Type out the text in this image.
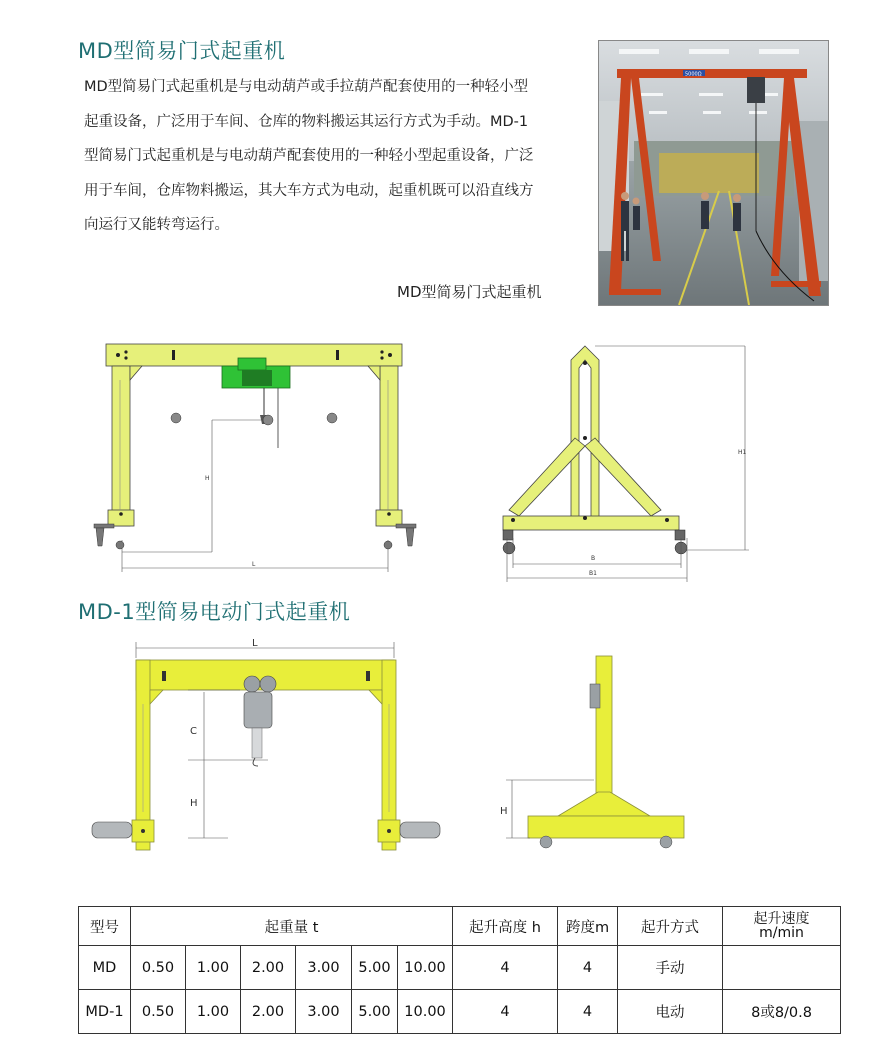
MD型简易门式起重机

MD型简易门式起重机是与电动葫芦或手拉葫芦配套使用的一种轻小型

起重设备，广泛用于车间、仓库的物料搬运其运行方式为手动。MD-1

型简易门式起重机是与电动葫芦配套使用的一种轻小型起重设备，广泛

用于车间，仓库物料搬运，其大车方式为电动，起重机既可以沿直线方

向运行又能转弯运行。

MD型简易门式起重机
5000Ω
L
H
B
B1
H1
MD-1型简易电动门式起重机
L
C
H
H
型号	起重量 t						起升高度 h	跨度m	起升方式	起升速度
m/min

MD	0.50	1.00	2.00	3.00	5.00	10.00	4	4	手动	
MD-1	0.50	1.00	2.00	3.00	5.00	10.00	4	4	电动	8或8/0.8
